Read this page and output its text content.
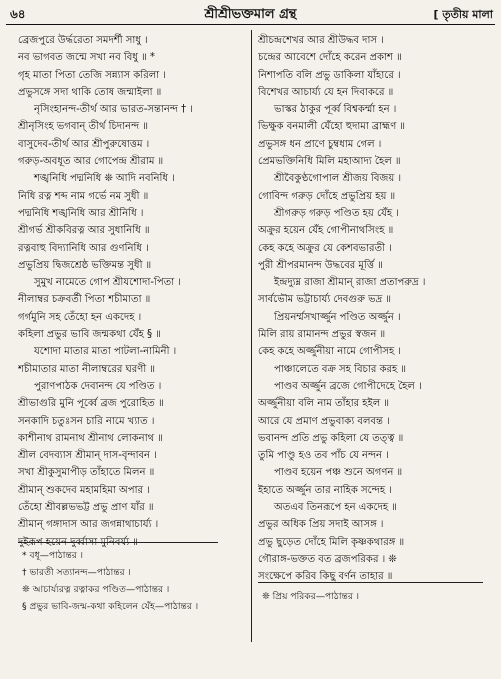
৬৪	শ্রীশ্রীভক্তমাল গ্রন্থ	[ তৃতীয় মালা
ব্রেজপুরে উর্দ্ধরেতা সমদর্শী সাধু ।
নব ভাগবত জন্মে সখা নব বিধু ॥ *
গৃহ মাতা পিতা তেজি সন্ন্যাস করিলা ।
প্রভুসঙ্গে সদা থাকি তোষ জন্মাইলা ॥
নৃসিংহানন্দ-তীর্থ আর ভারত-সন্তানন্দ † ।
শ্রীনৃসিংহ ভগবান্ তীর্থ চিদানন্দ ॥
বাসুদেব-তীর্থ আর শ্রীপুরুষোত্তম ।
গরুড়-অবধূত আর গোপেন্দ্র শ্রীরাম ॥
শঙ্খনিধি পদ্মনিধি ❊ আদি নবনিধি ।
নিধি রত্ন শব্দ নাম গর্ভে নম সুধী ॥
পদ্মনিধি শঙ্খনিধি আর শ্রীনিধি ।
শ্রীগর্ভ শ্রীকবিরত্ন আর সুধানিধি ॥
রত্নবাহু বিদ্যানিধি আর গুণনিধি ।
প্রভুপ্রিয় দ্বিজশ্রেষ্ঠ ভক্তিমন্ত সুধী ॥
সুমুখ নামেতে গোপ শ্রীযশোদা-পিতা ।
নীলাম্বর চক্রবর্তী পিতা শচীমাতা ॥
গর্গমুনি সহ তেঁহো হন একদেহ ।
কহিলা প্রভুর ভাবি জন্মকথা যেঁহ § ॥
যশোদা মাতার মাতা পাটলা-নামিনী ।
শচীমাতার মাতা নীলাম্বরের ঘরণী ॥
পুরাণপাঠক দেবানন্দ যে পণ্ডিত ।
শ্রীভাগুরি মুনি পূর্ব্বে ব্রজ পুরোহিত ॥
সনকাদি চতুঃসন চারি নামে খ্যাত ।
কাশীনাথ রামনাথ শ্রীনাথ লোকনাথ ॥
শ্রীল বেদব্যাস শ্রীমান্ দাস-বৃন্দাবন ।
সখা শ্রীকুসুমাপীড় তাঁহাতে মিলন ॥
শ্রীমান্ শুকদেব মহামহিমা অপার ।
তেঁহো শ্রীবল্লভভট্ট প্রভু প্রাণ যাঁর ॥
শ্রীমান্ গঙ্গাদাস আর জগন্নাথাচার্য্য ।
দুইরূপ হয়েন দুর্ব্বাসা মুনিবর্য্য ॥
শ্রীচন্দ্রশেখর আর শ্রীউদ্ধব দাস ।
চন্দ্রের আবেশে দোঁহে করেন প্রকাশ ॥
নিশাপতি বলি প্রভু ডাকিলা যাঁহারে ।
বিশেখর আচার্য্য যে হন দিবাকরে ॥
ভাস্কর ঠাকুর পূর্ব্ব বিশ্বকর্ম্মা হন ।
ভিক্ষুক বনমালী যেঁহো হুদামা ব্রাহ্মণ ॥
প্রভুসঙ্গ ধন প্রাণে চুম্বধাম গেল ।
প্রেমভক্তিনিধি মিলি মহাআদ্য হৈল ॥
শ্রীবৈকুণ্ঠগোপাল শ্রীজয় বিজয় ।
গোবিন্দ গরুড় দোঁহে প্রভুপ্রিয় হয় ॥
শ্রীগরুড় গরুড় পণ্ডিত হয় যেঁহ ।
অক্রুর হয়েন যেঁহ গোপীনাথসিংহ ॥
কেহ কহে অক্রুর যে কেশবভারতী ।
পুরী শ্রীপরমানন্দ উদ্ধবের মূর্ত্তি ॥
ইন্দ্রদ্যুম্ন রাজা শ্রীমান্ রাজা প্রতাপরুদ্র ।
সার্বভৌম ভট্টাচার্য্য দেবগুরু ভদ্র ॥
প্রিয়নর্ম্মসখার্জ্জুন পণ্ডিত অর্জ্জুন ।
মিলি রায় রামানন্দ প্রভুর স্বজন ॥
কেহ কহে অর্জ্জুনীয়া নামে গোপীসহ ।
পাঞ্চালেতে বক্র সহ বিচার করহ ॥
পাণ্ডব অর্জ্জুন ব্রজে গোপীদেহে হৈল ।
অর্জ্জুনীয়া বলি নাম তাঁহার হইল ॥
আরে যে প্রমাণ প্রভুবাক্য বলবন্ত ।
ভবানন্দ প্রতি প্রভু কহিলা যে তত্ত্ব ॥
তুমি পাণ্ডু হও তব পাঁচ যে নন্দন ।
পাণ্ডব হয়েন পঞ্চ শুনে অগণন ॥
ইহাতে অর্জ্জুন তার নাহিক সন্দেহ ।
অতএব তিনরূপে হন একদেহ ॥
প্রভুর অধিক প্রিয় সদাই আসঙ্গ ।
প্রভু ছুড়েত দোঁহে মিলি কৃষ্ণকথারঙ্গ ॥
গৌরাঙ্গ-ভক্তত বত ব্রজপরিকর । ❊
সংক্ষেপে করিব কিছু বর্ণন তাহার ॥
* বধূ—পাঠান্তর ।
† ভারতী সত্যানন্দ—পাঠান্তর ।
❊ আচার্য্যরত্ন রত্নাকর পণ্ডিত—পাঠান্তর ।
§ প্রভুর ভাবি-জন্ম-কথা কহিলেন যেঁহ—পাঠান্তর ।
❊ প্রিয় পরিকর—পাঠান্তর ।
